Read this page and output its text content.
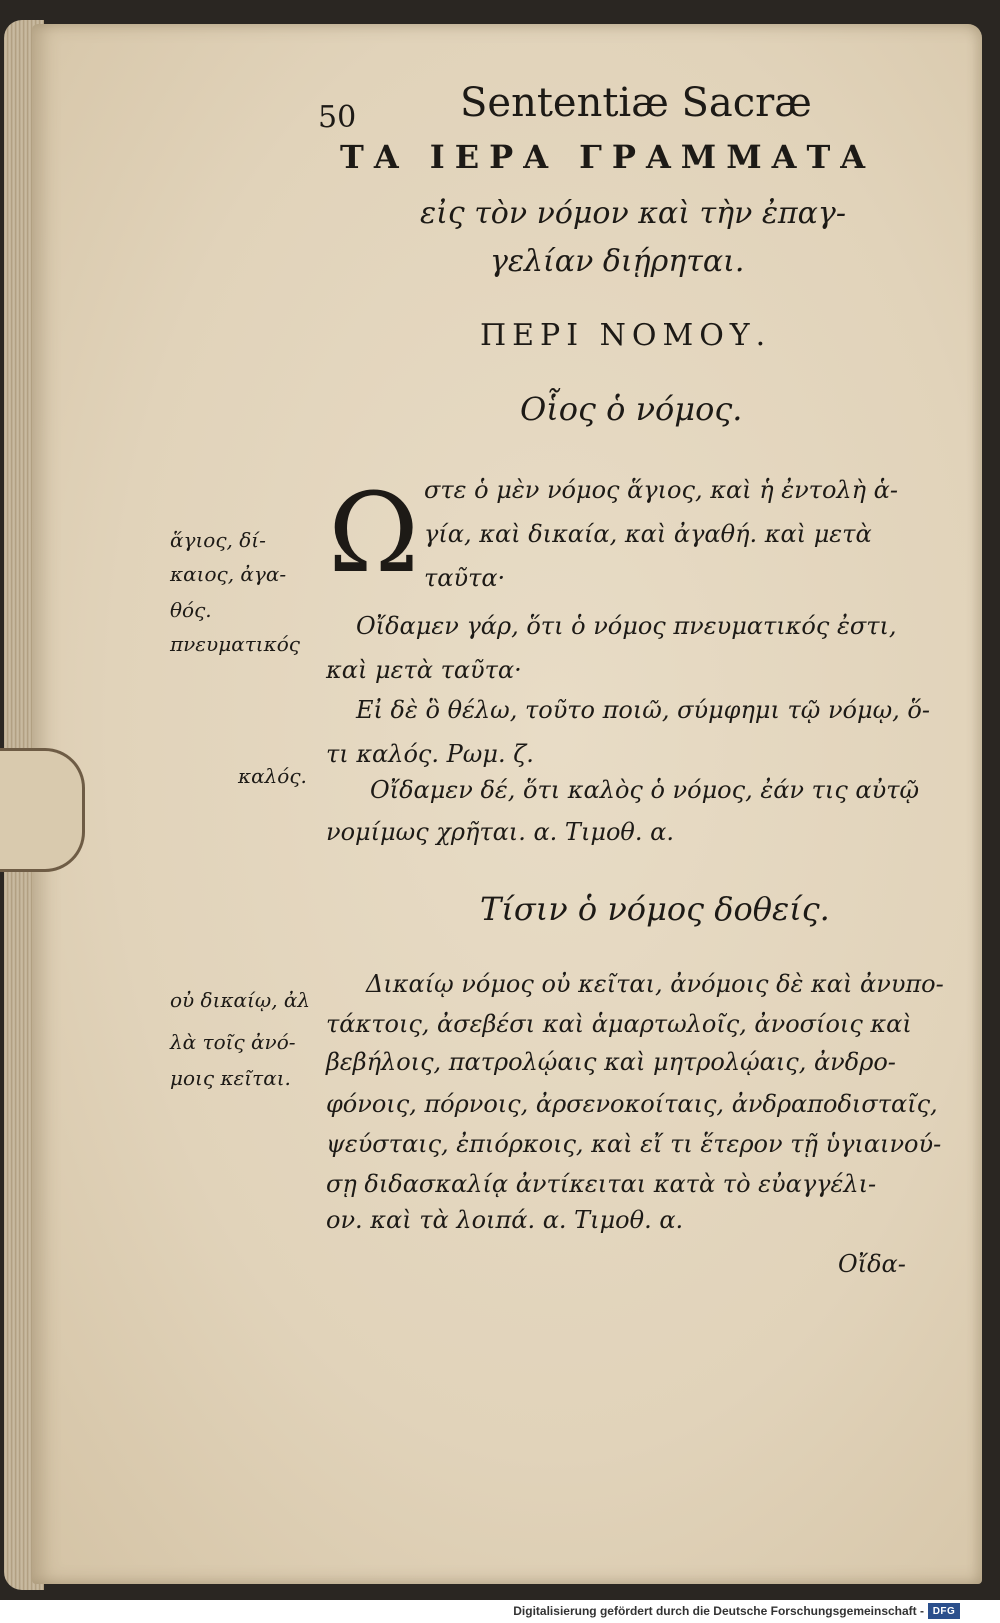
50	Sententiæ Sacræ
ΤΑ ΙΕΡΑ ΓΡΑΜΜΑΤΑ
εἰς τὸν νόμον καὶ τὴν ἐπαγ-
γελίαν διῄρηται.
ΠΕΡΙ ΝΟΜΟΥ.
Οἷος ὁ νόμος.
Ω στε ὁ μὲν νόμος ἅγιος, καὶ ἡ ἐντολὴ ἁ-
γία, καὶ δικαία, καὶ ἀγαθή. καὶ μετὰ
ταῦτα·
Οἴδαμεν γάρ, ὅτι ὁ νόμος πνευματικός ἐστι,
καὶ μετὰ ταῦτα·
Εἰ δὲ ὃ θέλω, τοῦτο ποιῶ, σύμφημι τῷ νόμῳ, ὅ-
τι καλός. Ρωμ. ζ.
Οἴδαμεν δέ, ὅτι καλὸς ὁ νόμος, ἐάν τις αὐτῷ
νομίμως χρῆται. α. Τιμοθ. α.
Τίσιν ὁ νόμος δοθείς.
Δικαίῳ νόμος οὐ κεῖται, ἀνόμοις δὲ καὶ ἀνυπο-
τάκτοις, ἀσεβέσι καὶ ἁμαρτωλοῖς, ἀνοσίοις καὶ
βεβήλοις, πατρολῴαις καὶ μητρολῴαις, ἀνδρο-
φόνοις, πόρνοις, ἀρσενοκοίταις, ἀνδραποδισταῖς,
ψεύσταις, ἐπιόρκοις, καὶ εἴ τι ἕτερον τῇ ὑγιαινού-
σῃ διδασκαλίᾳ ἀντίκειται κατὰ τὸ εὐαγγέλι-
ον. καὶ τὰ λοιπά. α. Τιμοθ. α.
Οἴδα-
ἅγιος, δί-
καιος, ἀγα-
θός.
πνευματικός
καλός.
οὐ δικαίῳ, ἀλ
λὰ τοῖς ἀνό-
μοις κεῖται.
Digitalisierung gefördert durch die Deutsche Forschungsgemeinschaft - DFG
